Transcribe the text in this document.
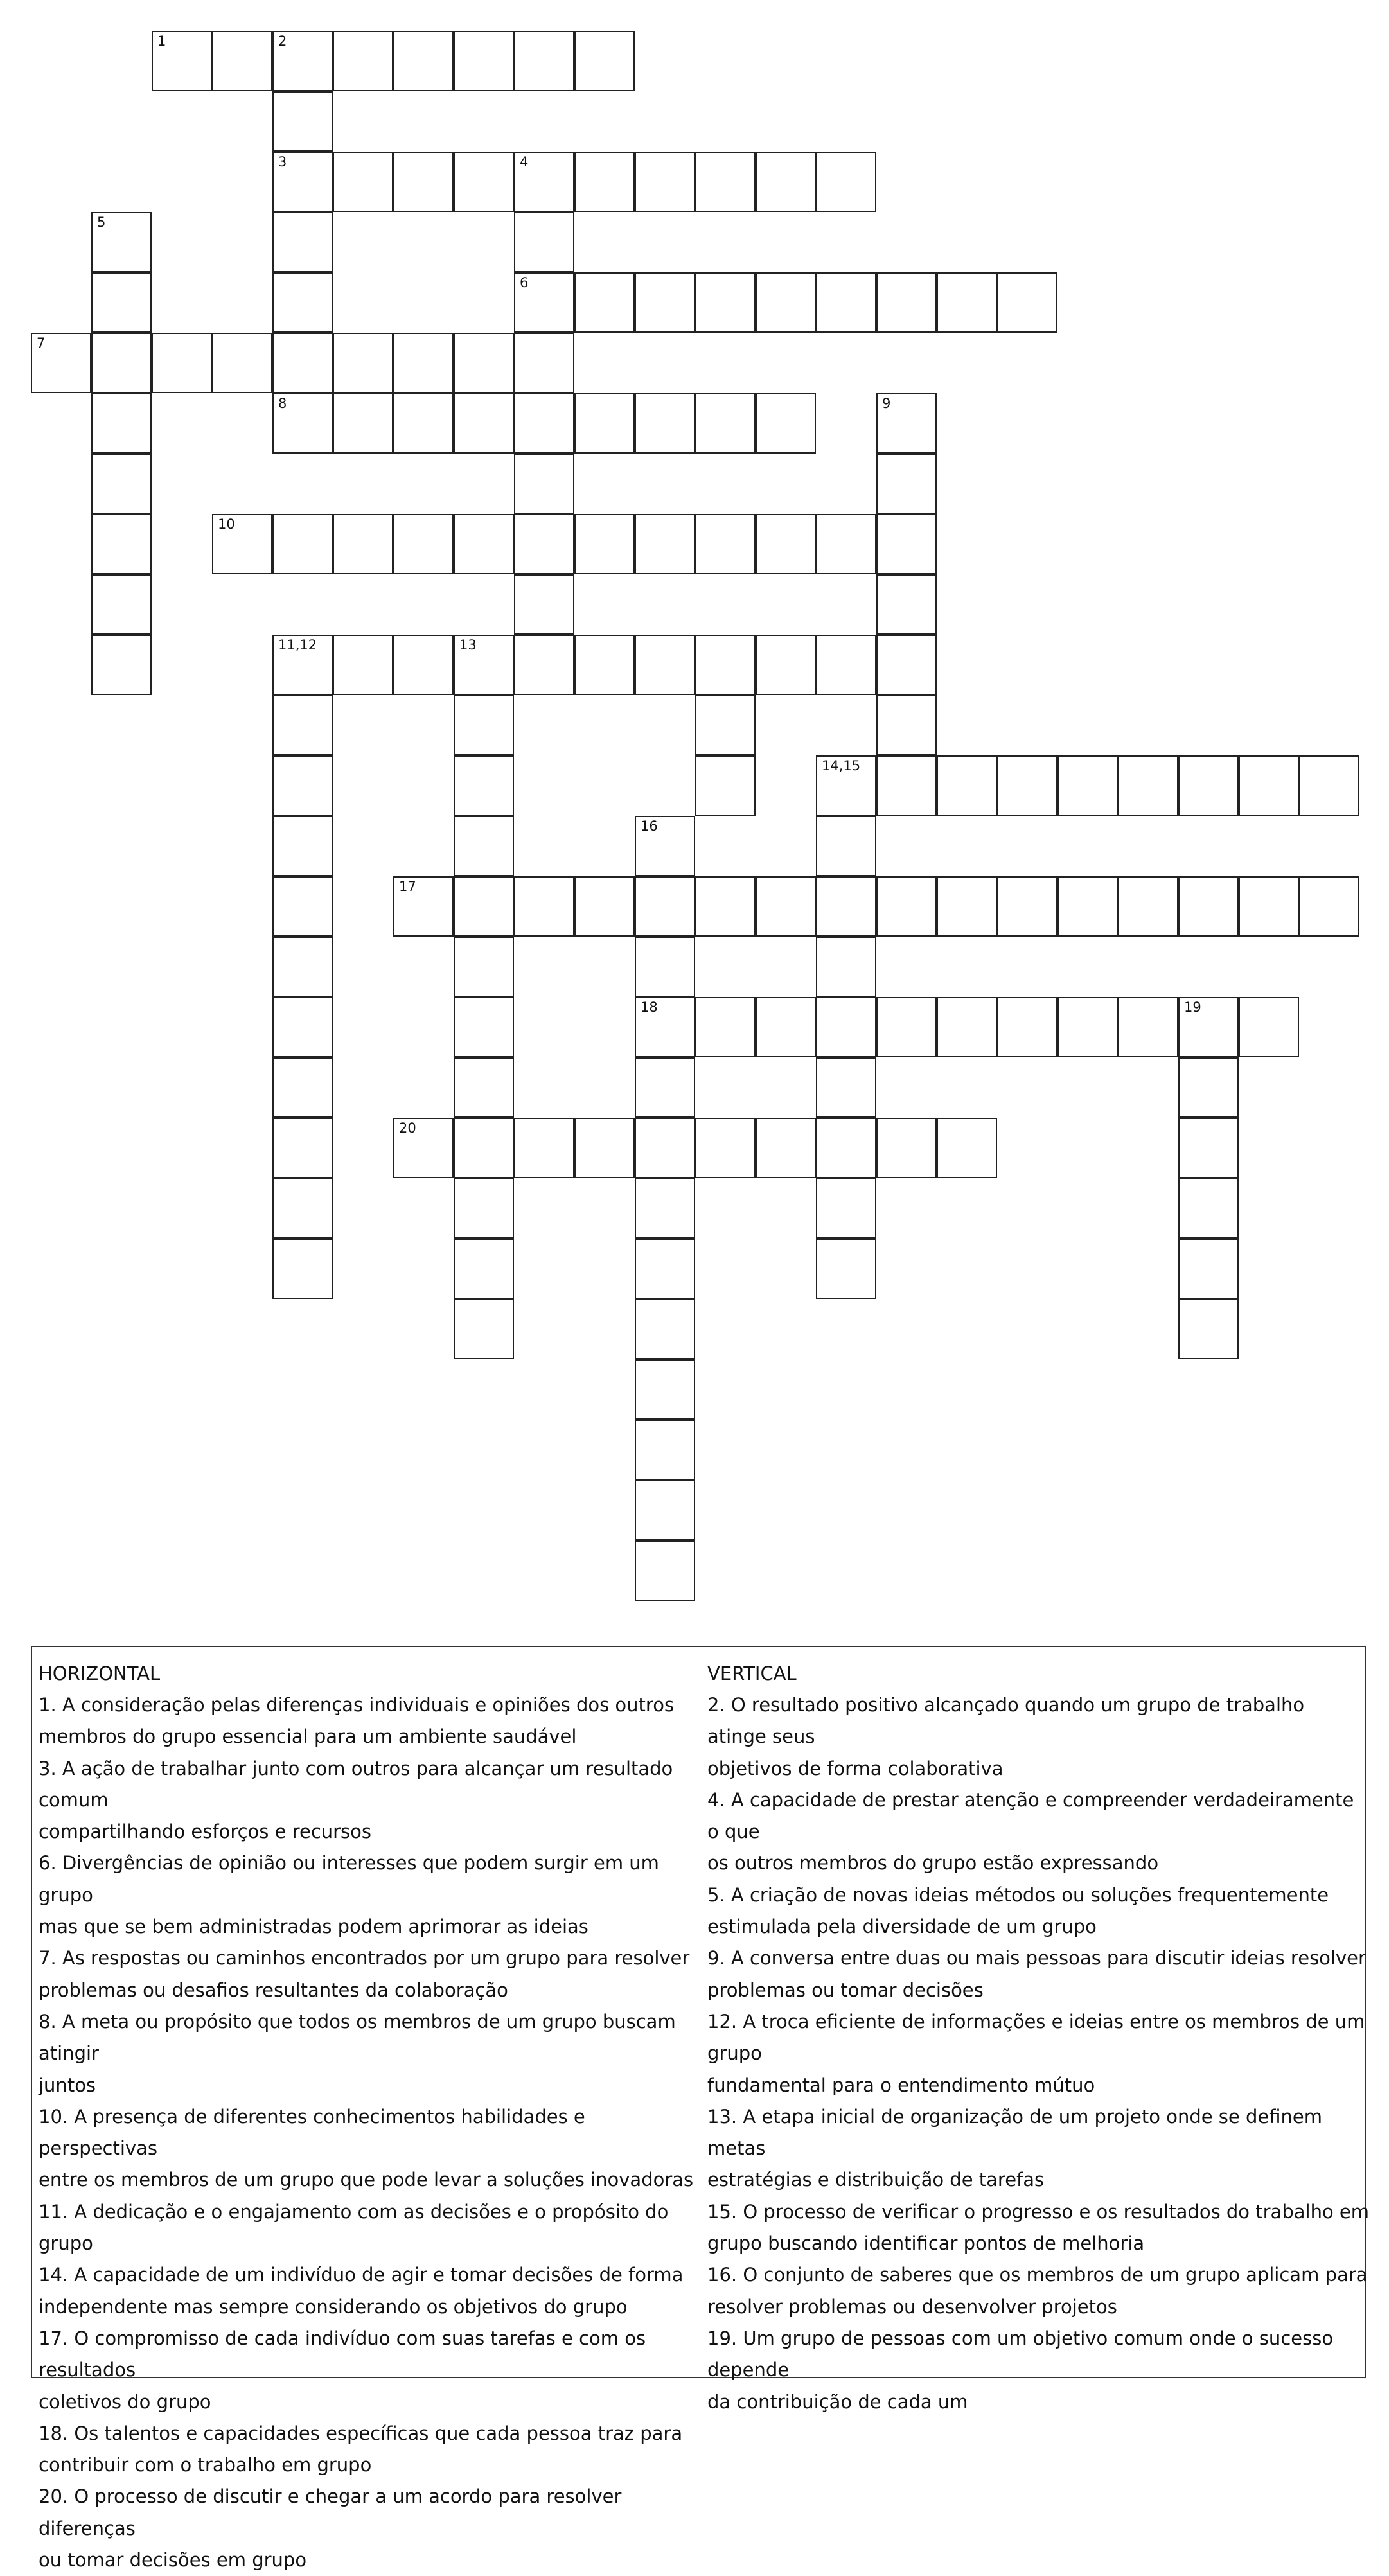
1	2
3	4
5
6
7
8	9
10
11,12	13
14,15
16
17
18	19
20
HORIZONTAL
1. A consideração pelas diferenças individuais e opiniões dos outros
membros do grupo essencial para um ambiente saudável
3. A ação de trabalhar junto com outros para alcançar um resultado comum
compartilhando esforços e recursos
6. Divergências de opinião ou interesses que podem surgir em um grupo
mas que se bem administradas podem aprimorar as ideias
7. As respostas ou caminhos encontrados por um grupo para resolver
problemas ou desafios resultantes da colaboração
8. A meta ou propósito que todos os membros de um grupo buscam atingir
juntos
10. A presença de diferentes conhecimentos habilidades e perspectivas
entre os membros de um grupo que pode levar a soluções inovadoras
11. A dedicação e o engajamento com as decisões e o propósito do grupo
14. A capacidade de um indivíduo de agir e tomar decisões de forma
independente mas sempre considerando os objetivos do grupo
17. O compromisso de cada indivíduo com suas tarefas e com os resultados
coletivos do grupo
18. Os talentos e capacidades específicas que cada pessoa traz para
contribuir com o trabalho em grupo
20. O processo de discutir e chegar a um acordo para resolver diferenças
ou tomar decisões em grupo
VERTICAL
2. O resultado positivo alcançado quando um grupo de trabalho atinge seus
objetivos de forma colaborativa
4. A capacidade de prestar atenção e compreender verdadeiramente o que
os outros membros do grupo estão expressando
5. A criação de novas ideias métodos ou soluções frequentemente
estimulada pela diversidade de um grupo
9. A conversa entre duas ou mais pessoas para discutir ideias resolver
problemas ou tomar decisões
12. A troca eficiente de informações e ideias entre os membros de um grupo
fundamental para o entendimento mútuo
13. A etapa inicial de organização de um projeto onde se definem metas
estratégias e distribuição de tarefas
15. O processo de verificar o progresso e os resultados do trabalho em
grupo buscando identificar pontos de melhoria
16. O conjunto de saberes que os membros de um grupo aplicam para
resolver problemas ou desenvolver projetos
19. Um grupo de pessoas com um objetivo comum onde o sucesso depende
da contribuição de cada um
